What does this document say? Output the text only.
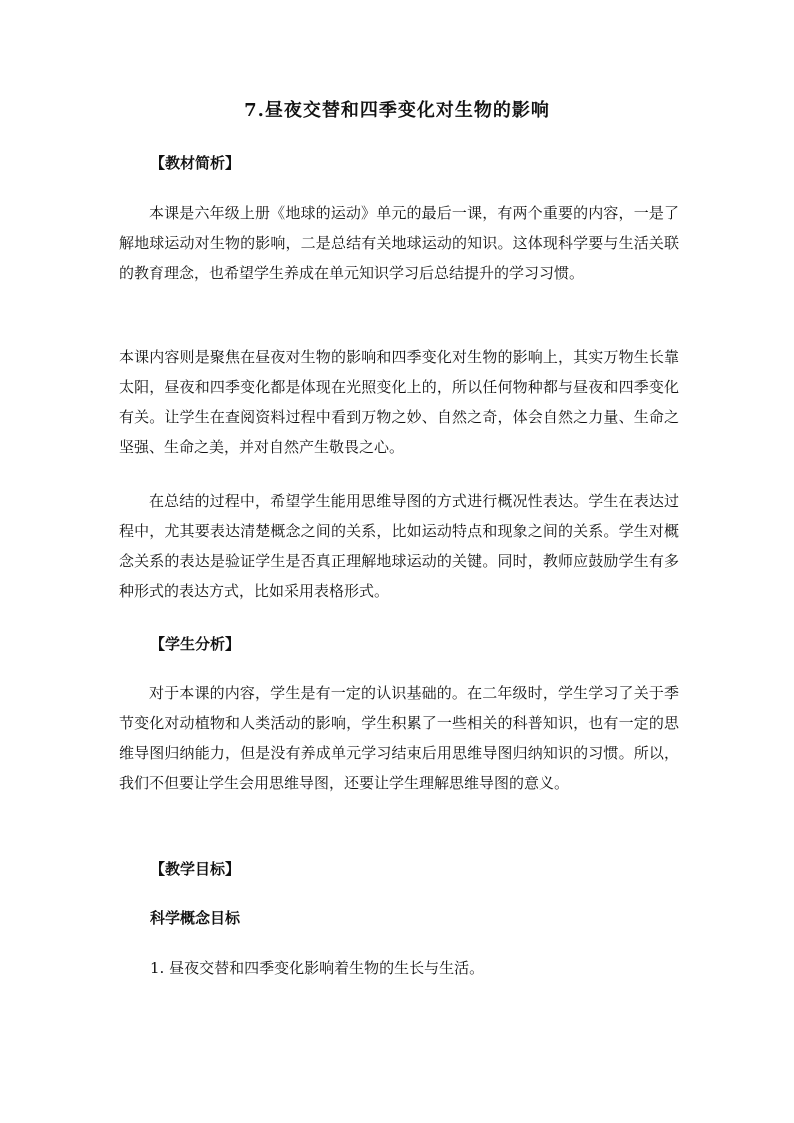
7.昼夜交替和四季变化对生物的影响
【教材简析】
本课是六年级上册《地球的运动》单元的最后一课，有两个重要的内容，一是了解地球运动对生物的影响，二是总结有关地球运动的知识。这体现科学要与生活关联的教育理念，也希望学生养成在单元知识学习后总结提升的学习习惯。
本课内容则是聚焦在昼夜对生物的影响和四季变化对生物的影响上，其实万物生长靠太阳，昼夜和四季变化都是体现在光照变化上的，所以任何物种都与昼夜和四季变化有关。让学生在查阅资料过程中看到万物之妙、自然之奇，体会自然之力量、生命之坚强、生命之美，并对自然产生敬畏之心。
在总结的过程中，希望学生能用思维导图的方式进行概况性表达。学生在表达过程中，尤其要表达清楚概念之间的关系，比如运动特点和现象之间的关系。学生对概念关系的表达是验证学生是否真正理解地球运动的关键。同时，教师应鼓励学生有多种形式的表达方式，比如采用表格形式。
【学生分析】
对于本课的内容，学生是有一定的认识基础的。在二年级时，学生学习了关于季节变化对动植物和人类活动的影响，学生积累了一些相关的科普知识，也有一定的思维导图归纳能力，但是没有养成单元学习结束后用思维导图归纳知识的习惯。所以，我们不但要让学生会用思维导图，还要让学生理解思维导图的意义。
【教学目标】
科学概念目标
1. 昼夜交替和四季变化影响着生物的生长与生活。
